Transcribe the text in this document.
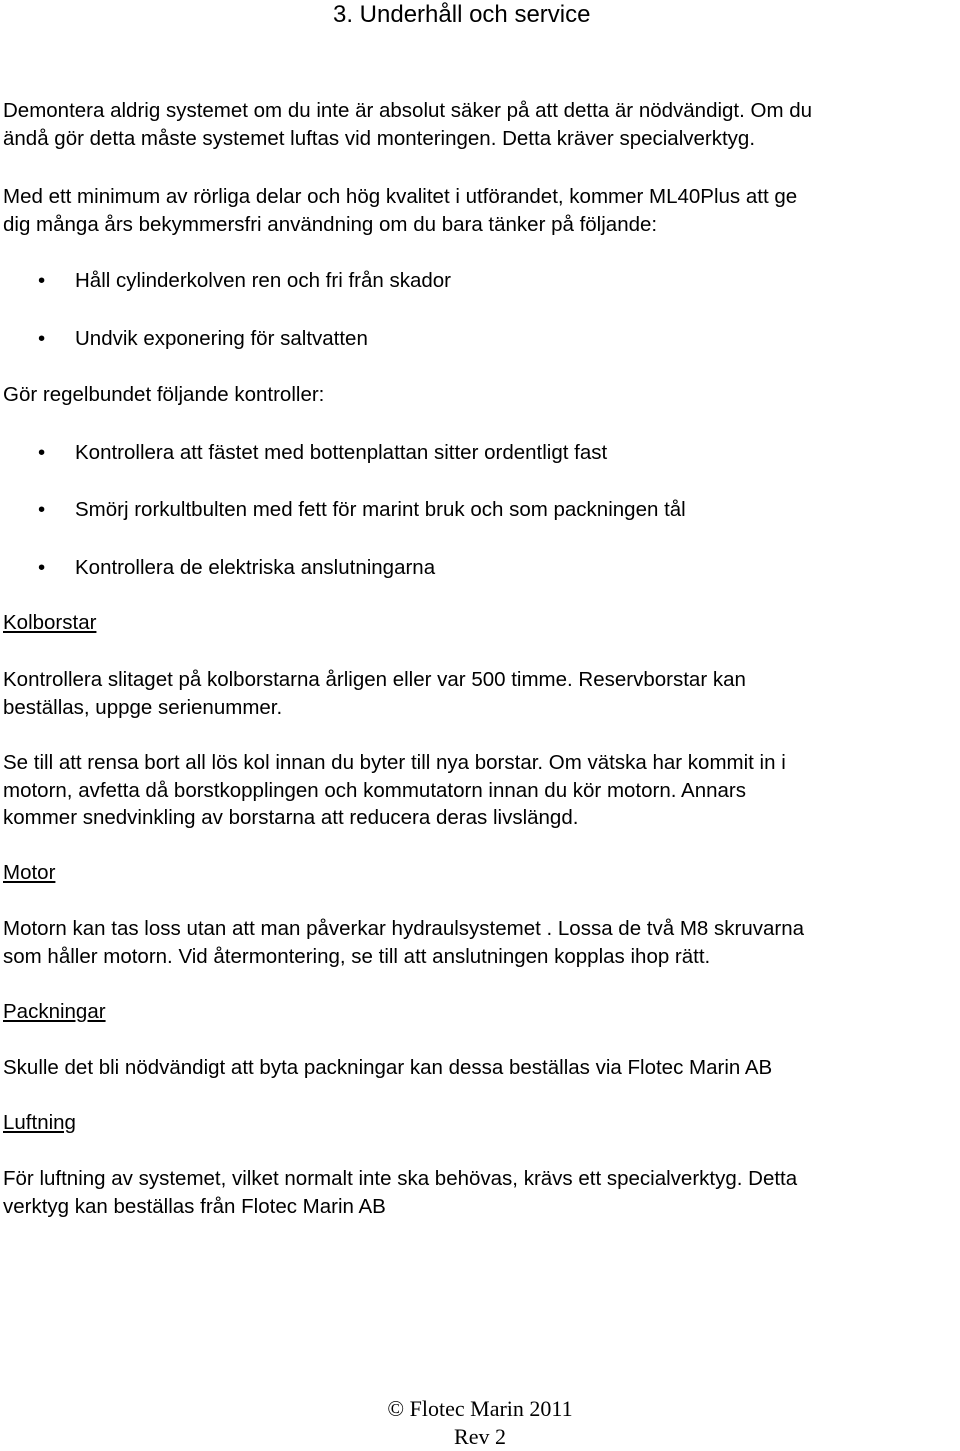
3. Underhåll och service
Demontera aldrig systemet om du inte är absolut säker på att detta är nödvändigt. Om du
ändå gör detta måste systemet luftas vid monteringen. Detta kräver specialverktyg.
Med ett minimum av rörliga delar och hög kvalitet i utförandet, kommer ML40Plus att ge
dig många års bekymmersfri användning om du bara tänker på följande:
• Håll cylinderkolven ren och fri från skador
• Undvik exponering för saltvatten
Gör regelbundet följande kontroller:
• Kontrollera att fästet med bottenplattan sitter ordentligt fast
• Smörj rorkultbulten med fett för marint bruk och som packningen tål
• Kontrollera de elektriska anslutningarna
Kolborstar
Kontrollera slitaget på kolborstarna årligen eller var 500 timme. Reservborstar kan
beställas, uppge serienummer.
Se till att rensa bort all lös kol innan du byter till nya borstar. Om vätska har kommit in i
motorn, avfetta då borstkopplingen och kommutatorn innan du kör motorn. Annars
kommer snedvinkling av borstarna att reducera deras livslängd.
Motor
Motorn kan tas loss utan att man påverkar hydraulsystemet . Lossa de två M8 skruvarna
som håller motorn. Vid återmontering, se till att anslutningen kopplas ihop rätt.
Packningar
Skulle det bli nödvändigt att byta packningar kan dessa beställas via Flotec Marin AB
Luftning
För luftning av systemet, vilket normalt inte ska behövas, krävs ett specialverktyg. Detta
verktyg kan beställas från Flotec Marin AB
© Flotec Marin 2011
Rev 2
